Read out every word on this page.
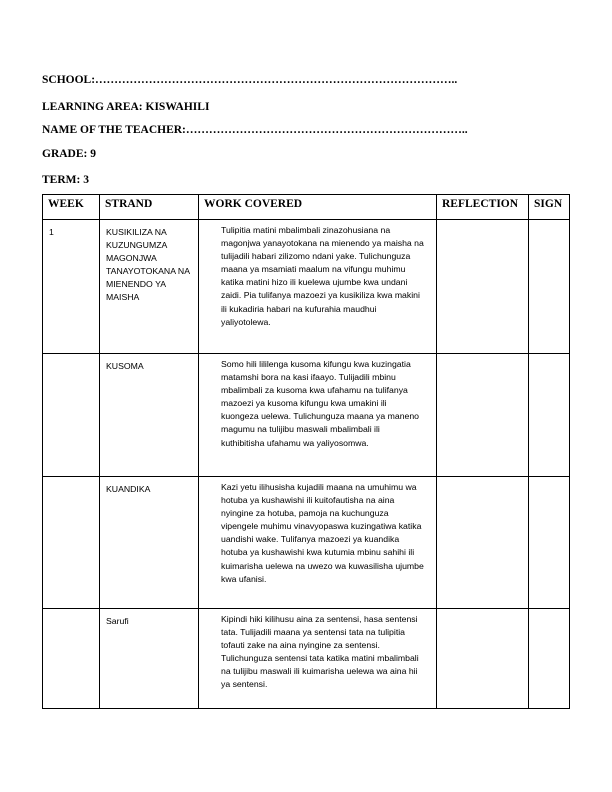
SCHOOL:…………………………………………………………………………………..
LEARNING AREA: KISWAHILI
NAME OF THE TEACHER:………………………………………………………………..
GRADE: 9
TERM: 3
WEEK	STRAND	WORK COVERED	REFLECTION	SIGN

1	KUSIKILIZA NA KUZUNGUMZA MAGONJWA TANAYOTOKANA NA MIENENDO YA MAISHA	Tulipitia matini mbalimbali zinazohusiana na magonjwa yanayotokana na mienendo ya maisha na tulijadili habari zilizomo ndani yake. Tulichunguza maana ya msamiati maalum na vifungu muhimu katika matini hizo ili kuelewa ujumbe kwa undani zaidi. Pia tulifanya mazoezi ya kusikiliza kwa makini ili kukadiria habari na kufurahia maudhui yaliyotolewa.		

	KUSOMA	Somo hili lililenga kusoma kifungu kwa kuzingatia matamshi bora na kasi ifaayo. Tulijadili mbinu mbalimbali za kusoma kwa ufahamu na tulifanya mazoezi ya kusoma kifungu kwa umakini ili kuongeza uelewa. Tulichunguza maana ya maneno magumu na tulijibu maswali mbalimbali ili kuthibitisha ufahamu wa yaliyosomwa.		

	KUANDIKA	Kazi yetu ilihusisha kujadili maana na umuhimu wa hotuba ya kushawishi ili kuitofautisha na aina nyingine za hotuba, pamoja na kuchunguza vipengele muhimu vinavyopaswa kuzingatiwa katika uandishi wake. Tulifanya mazoezi ya kuandika hotuba ya kushawishi kwa kutumia mbinu sahihi ili kuimarisha uelewa na uwezo wa kuwasilisha ujumbe kwa ufanisi.		

	Sarufi	Kipindi hiki kilihusu aina za sentensi, hasa sentensi tata. Tulijadili maana ya sentensi tata na tulipitia tofauti zake na aina nyingine za sentensi. Tulichunguza sentensi tata katika matini mbalimbali na tulijibu maswali ili kuimarisha uelewa wa aina hii ya sentensi.		
